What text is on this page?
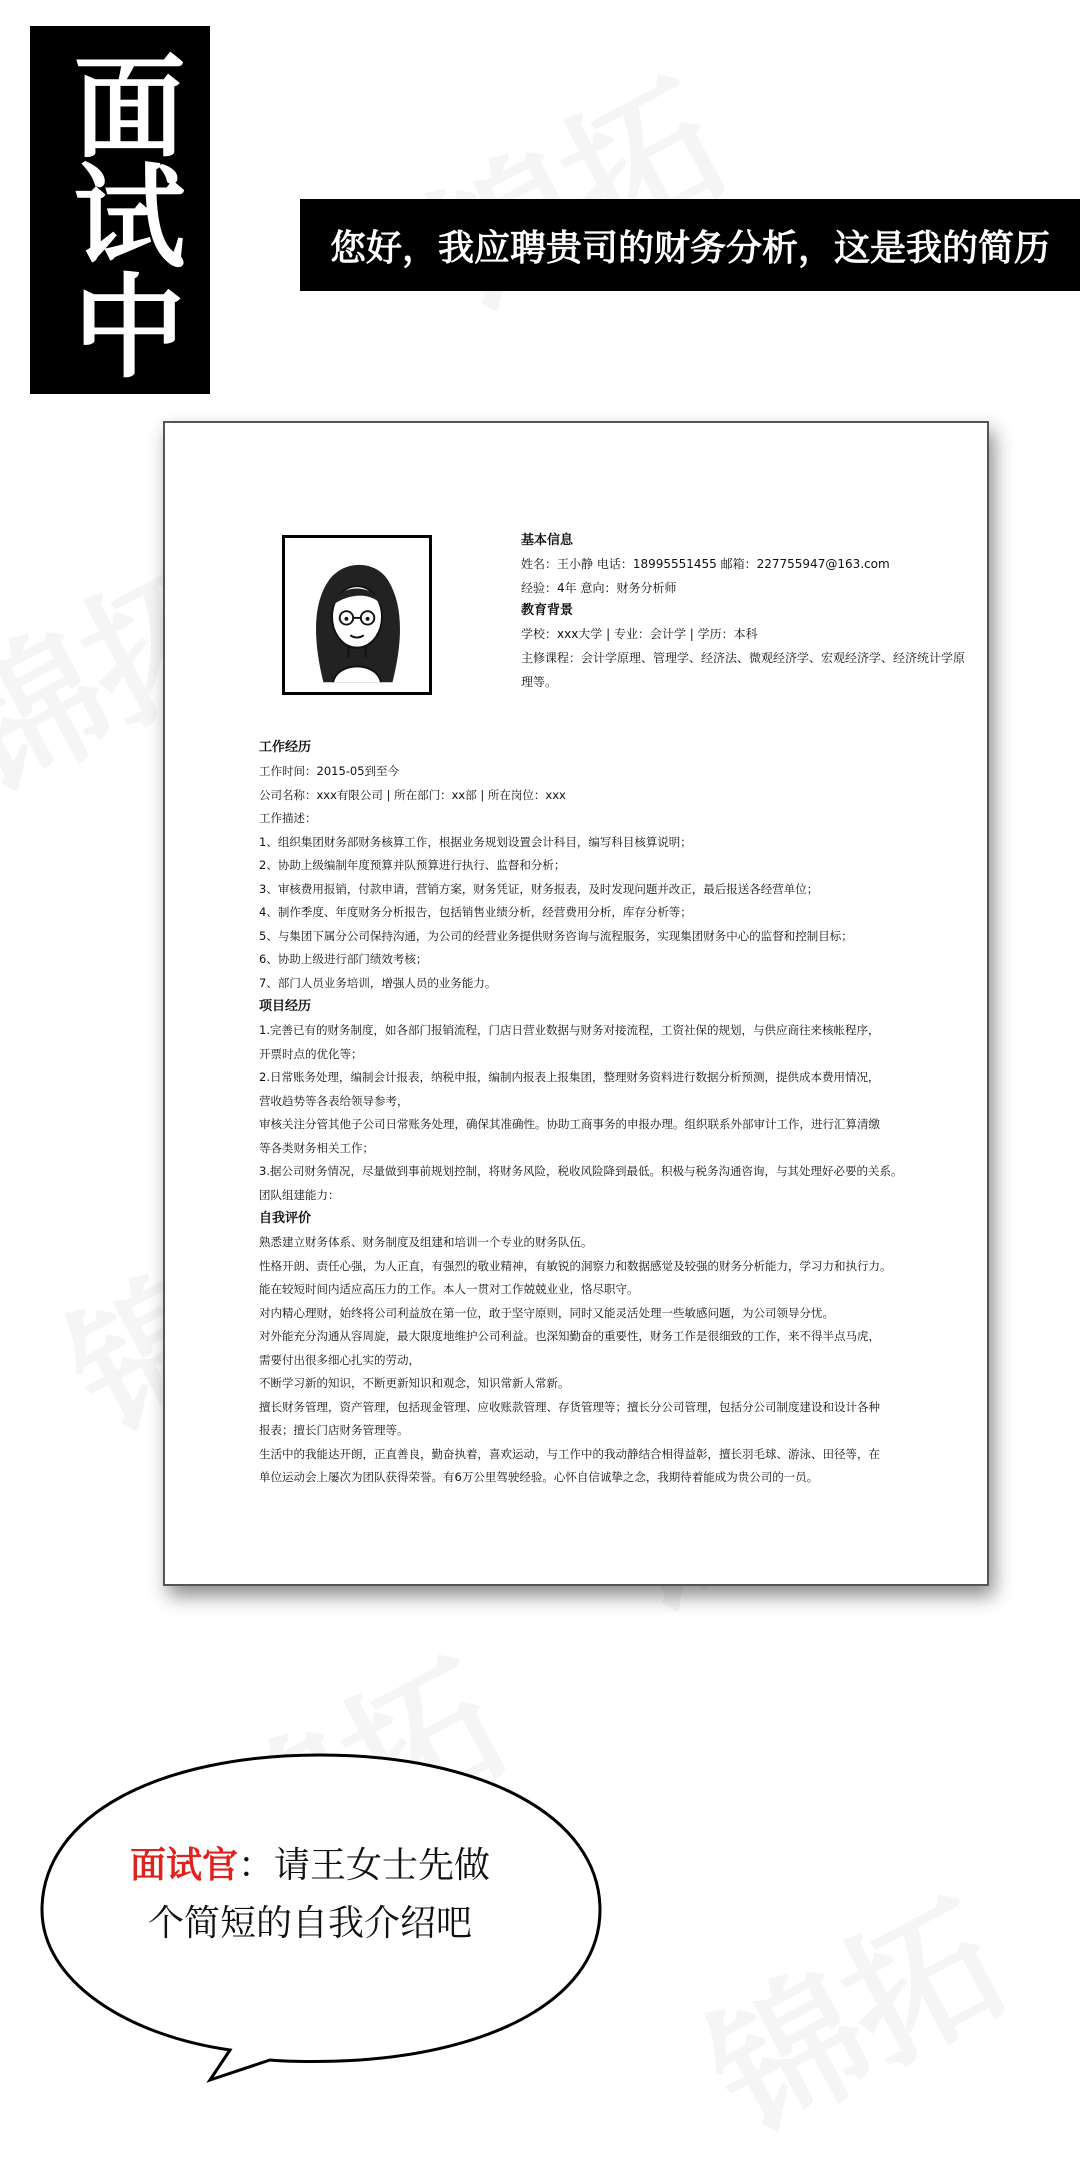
面试中	您好，我应聘贵司的财务分析，这是我的简历

基本信息

姓名：王小静 电话：18995551455 邮箱：227755947@163.com

经验：4年 意向：财务分析师

教育背景

学校：xxx大学 | 专业：会计学 | 学历：本科

主修课程：会计学原理、管理学、经济法、微观经济学、宏观经济学、经济统计学原理等。

工作经历

工作时间：2015-05到至今

公司名称：xxx有限公司 | 所在部门：xx部 | 所在岗位：xxx

工作描述：

1、组织集团财务部财务核算工作，根据业务规划设置会计科目，编写科目核算说明；

2、协助上级编制年度预算并队预算进行执行、监督和分析；

3、审核费用报销，付款申请，营销方案，财务凭证，财务报表，及时发现问题并改正，最后报送各经营单位；

4、制作季度、年度财务分析报告，包括销售业绩分析，经营费用分析，库存分析等；

5、与集团下属分公司保持沟通，为公司的经营业务提供财务咨询与流程服务，实现集团财务中心的监督和控制目标；

6、协助上级进行部门绩效考核；

7、部门人员业务培训，增强人员的业务能力。

项目经历

1.完善已有的财务制度，如各部门报销流程，门店日营业数据与财务对接流程，工资社保的规划，与供应商往来核帐程序，

开票时点的优化等；

2.日常账务处理，编制会计报表，纳税申报，编制内报表上报集团，整理财务资料进行数据分析预测，提供成本费用情况，

营收趋势等各表给领导参考，

审核关注分管其他子公司日常账务处理，确保其准确性。协助工商事务的申报办理。组织联系外部审计工作，进行汇算清缴

等各类财务相关工作；

3.据公司财务情况，尽量做到事前规划控制，将财务风险，税收风险降到最低。积极与税务沟通咨询，与其处理好必要的关系。

团队组建能力：

自我评价

熟悉建立财务体系、财务制度及组建和培训一个专业的财务队伍。

性格开朗、责任心强，为人正直，有强烈的敬业精神，有敏锐的洞察力和数据感觉及较强的财务分析能力，学习力和执行力。

能在较短时间内适应高压力的工作。本人一贯对工作兢兢业业，恪尽职守。

对内精心理财，始终将公司利益放在第一位，敢于坚守原则，同时又能灵活处理一些敏感问题，为公司领导分忧。

对外能充分沟通从容周旋，最大限度地维护公司利益。也深知勤奋的重要性，财务工作是很细致的工作，来不得半点马虎，

需要付出很多细心扎实的劳动，

不断学习新的知识，不断更新知识和观念，知识常新人常新。

擅长财务管理，资产管理，包括现金管理、应收账款管理、存货管理等；擅长分公司管理，包括分公司制度建设和设计各种

报表；擅长门店财务管理等。

生活中的我能达开朗，正直善良，勤奋执着，喜欢运动，与工作中的我动静结合相得益彰，擅长羽毛球、游泳、田径等，在

单位运动会上屡次为团队获得荣誉。有6万公里驾驶经验。心怀自信诚挚之念，我期待着能成为贵公司的一员。

面试官：请王女士先做
个简短的自我介绍吧
